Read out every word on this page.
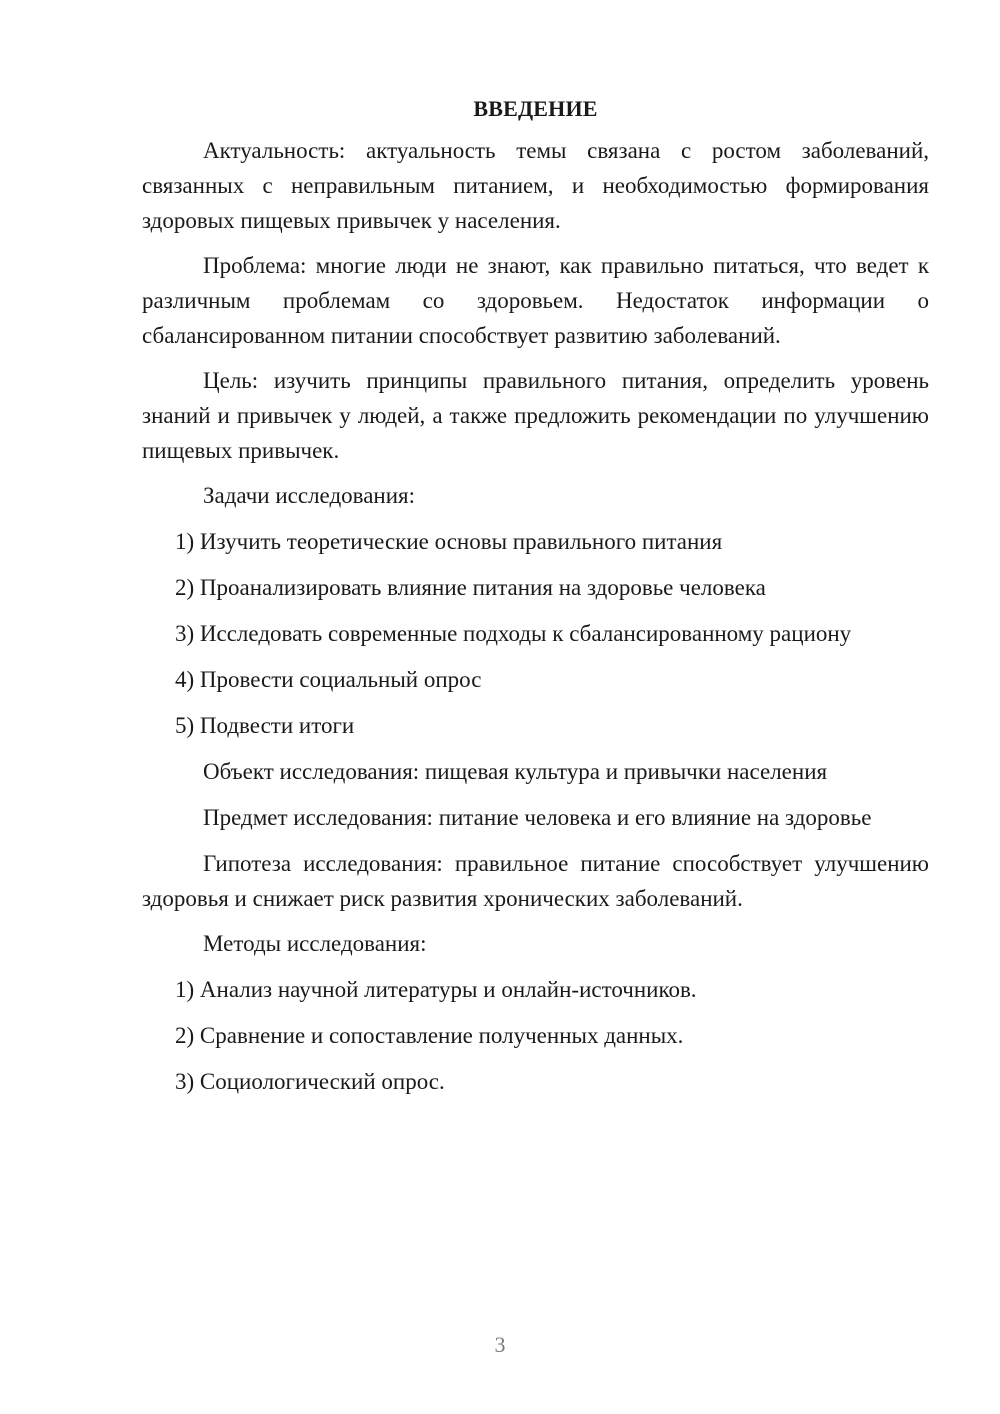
ВВЕДЕНИЕ

Актуальность: актуальность темы связана с ростом заболеваний, связанных с неправильным питанием, и необходимостью формирования здоровых пищевых привычек у населения.

Проблема: многие люди не знают, как правильно питаться, что ведет к различным проблемам со здоровьем. Недостаток информации о сбалансированном питании способствует развитию заболеваний.

Цель: изучить принципы правильного питания, определить уровень знаний и привычек у людей, а также предложить рекомендации по улучшению пищевых привычек.

Задачи исследования:
1) Изучить теоретические основы правильного питания
2) Проанализировать влияние питания на здоровье человека
3) Исследовать современные подходы к сбалансированному рациону
4) Провести социальный опрос
5) Подвести итоги
Объект исследования: пищевая культура и привычки населения
Предмет исследования: питание человека и его влияние на здоровье

Гипотеза исследования: правильное питание способствует улучшению здоровья и снижает риск развития хронических заболеваний.

Методы исследования:
1) Анализ научной литературы и онлайн-источников.
2) Сравнение и сопоставление полученных данных.
3) Социологический опрос.
3
